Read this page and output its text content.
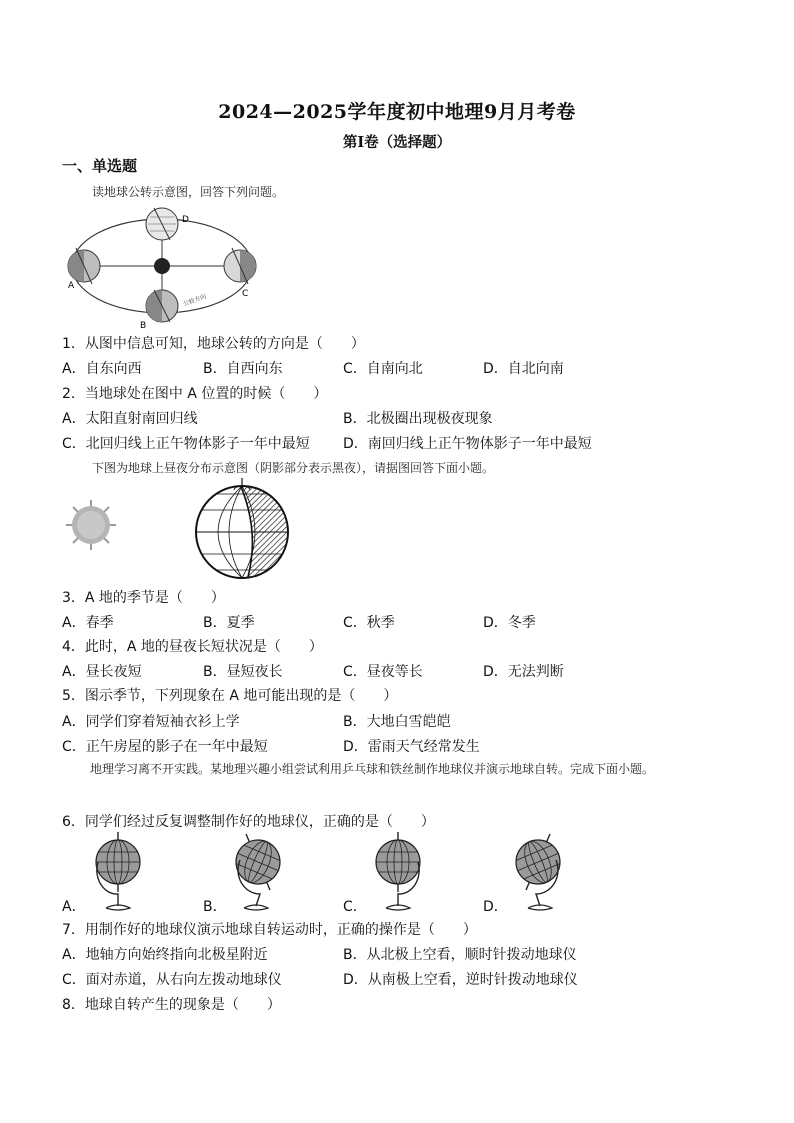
2024—2025学年度初中地理9月月考卷
第Ⅰ卷（选择题）
一、单选题
读地球公转示意图，回答下列问题。
公转方向
A
B
C
D
1．从图中信息可知，地球公转的方向是（　　）
A．自东向西	B．自西向东	C．自南向北	D．自北向南
2．当地球处在图中 A 位置的时候（　　）
A．太阳直射南回归线	B．北极圈出现极夜现象
C．北回归线上正午物体影子一年中最短 D．南回归线上正午物体影子一年中最短
下图为地球上昼夜分布示意图（阴影部分表示黑夜），请据图回答下面小题。
3．A 地的季节是（　　）
A．春季	B．夏季	C．秋季	D．冬季
4．此时，A 地的昼夜长短状况是（　　）
A．昼长夜短	B．昼短夜长	C．昼夜等长	D．无法判断
5．图示季节，下列现象在 A 地可能出现的是（　　）
A．同学们穿着短袖衣衫上学	B．大地白雪皑皑
C．正午房屋的影子在一年中最短	D．雷雨天气经常发生
地理学习离不开实践。某地理兴趣小组尝试利用乒乓球和铁丝制作地球仪并演示地球自转。完成下面小题。
6．同学们经过反复调整制作好的地球仪，正确的是（　　）
A．	B．	C．	D．
7．用制作好的地球仪演示地球自转运动时，正确的操作是（　　）
A．地轴方向始终指向北极星附近	B．从北极上空看，顺时针拨动地球仪
C．面对赤道，从右向左拨动地球仪	D．从南极上空看，逆时针拨动地球仪
8．地球自转产生的现象是（　　）
